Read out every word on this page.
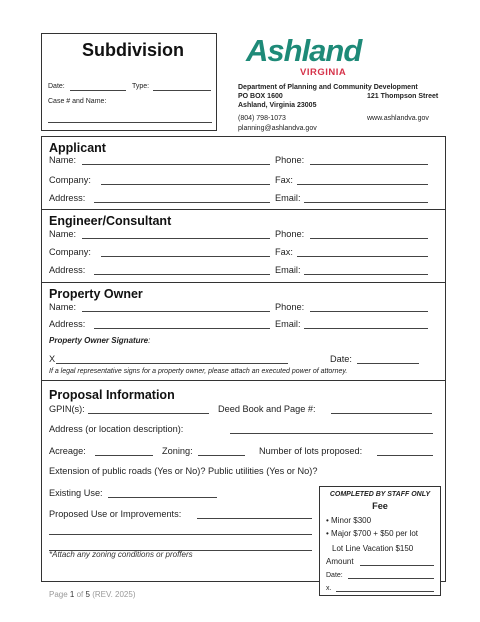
Subdivision
Date:	Type:
Case # and Name:
Ashland
VIRGINIA
Department of Planning and Community Development
PO BOX 1600	121 Thompson Street
Ashland, Virginia 23005
(804) 798-1073	www.ashlandva.gov
planning@ashlandva.gov
Applicant
Name:	Phone:
Company:	Fax:
Address:	Email:
Engineer/Consultant
Name:	Phone:
Company:	Fax:
Address:	Email:
Property Owner
Name:	Phone:
Address:	Email:
Property Owner Signature:
X	Date:
If a legal representative signs for a property owner, please attach an executed power of attorney.
Proposal Information
GPIN(s):	Deed Book and Page #:
Address (or location description):
Acreage:	Zoning:	Number of lots proposed:
Extension of public roads (Yes or No)? Public utilities (Yes or No)?
Existing Use:
Proposed Use or Improvements:
*Attach any zoning conditions or proffers
COMPLETED BY STAFF ONLY
Fee
• Minor $300
• Major $700 + $50 per lot
Lot Line Vacation $150
Amount
Date:
x.
Page 1 of 5 (REV. 2025)
